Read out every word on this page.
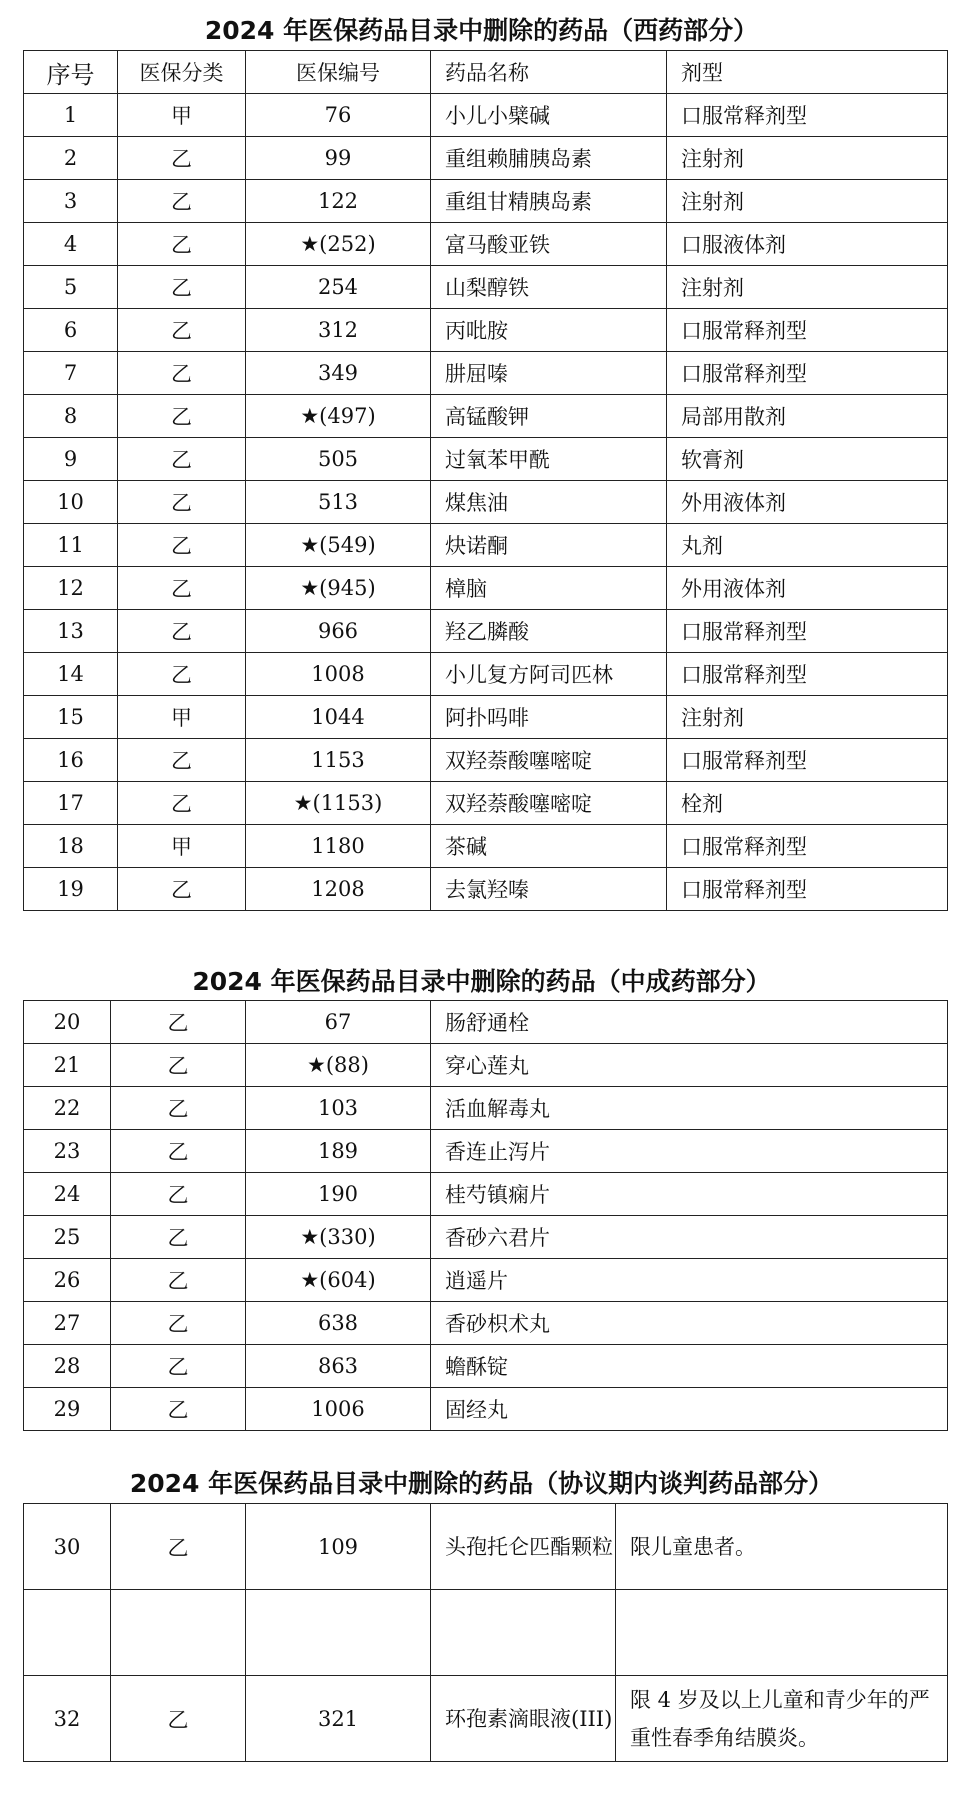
2024 年医保药品目录中删除的药品（西药部分）
序号	医保分类	医保编号	药品名称	剂型
1	甲	76	小儿小檗碱	口服常释剂型
2	乙	99	重组赖脯胰岛素	注射剂
3	乙	122	重组甘精胰岛素	注射剂
4	乙	★(252)	富马酸亚铁	口服液体剂
5	乙	254	山梨醇铁	注射剂
6	乙	312	丙吡胺	口服常释剂型
7	乙	349	肼屈嗪	口服常释剂型
8	乙	★(497)	高锰酸钾	局部用散剂
9	乙	505	过氧苯甲酰	软膏剂
10	乙	513	煤焦油	外用液体剂
11	乙	★(549)	炔诺酮	丸剂
12	乙	★(945)	樟脑	外用液体剂
13	乙	966	羟乙膦酸	口服常释剂型
14	乙	1008	小儿复方阿司匹林	口服常释剂型
15	甲	1044	阿扑吗啡	注射剂
16	乙	1153	双羟萘酸噻嘧啶	口服常释剂型
17	乙	★(1153)	双羟萘酸噻嘧啶	栓剂
18	甲	1180	茶碱	口服常释剂型
19	乙	1208	去氯羟嗪	口服常释剂型
2024 年医保药品目录中删除的药品（中成药部分）
20	乙	67	肠舒通栓
21	乙	★(88)	穿心莲丸
22	乙	103	活血解毒丸
23	乙	189	香连止泻片
24	乙	190	桂芍镇痫片
25	乙	★(330)	香砂六君片
26	乙	★(604)	逍遥片
27	乙	638	香砂枳术丸
28	乙	863	蟾酥锭
29	乙	1006	固经丸
2024 年医保药品目录中删除的药品（协议期内谈判药品部分）
30	乙	109	头孢托仑匹酯颗粒	限儿童患者。

32	乙	321	环孢素滴眼液(III)	限 4 岁及以上儿童和青少年的严重性春季角结膜炎。
